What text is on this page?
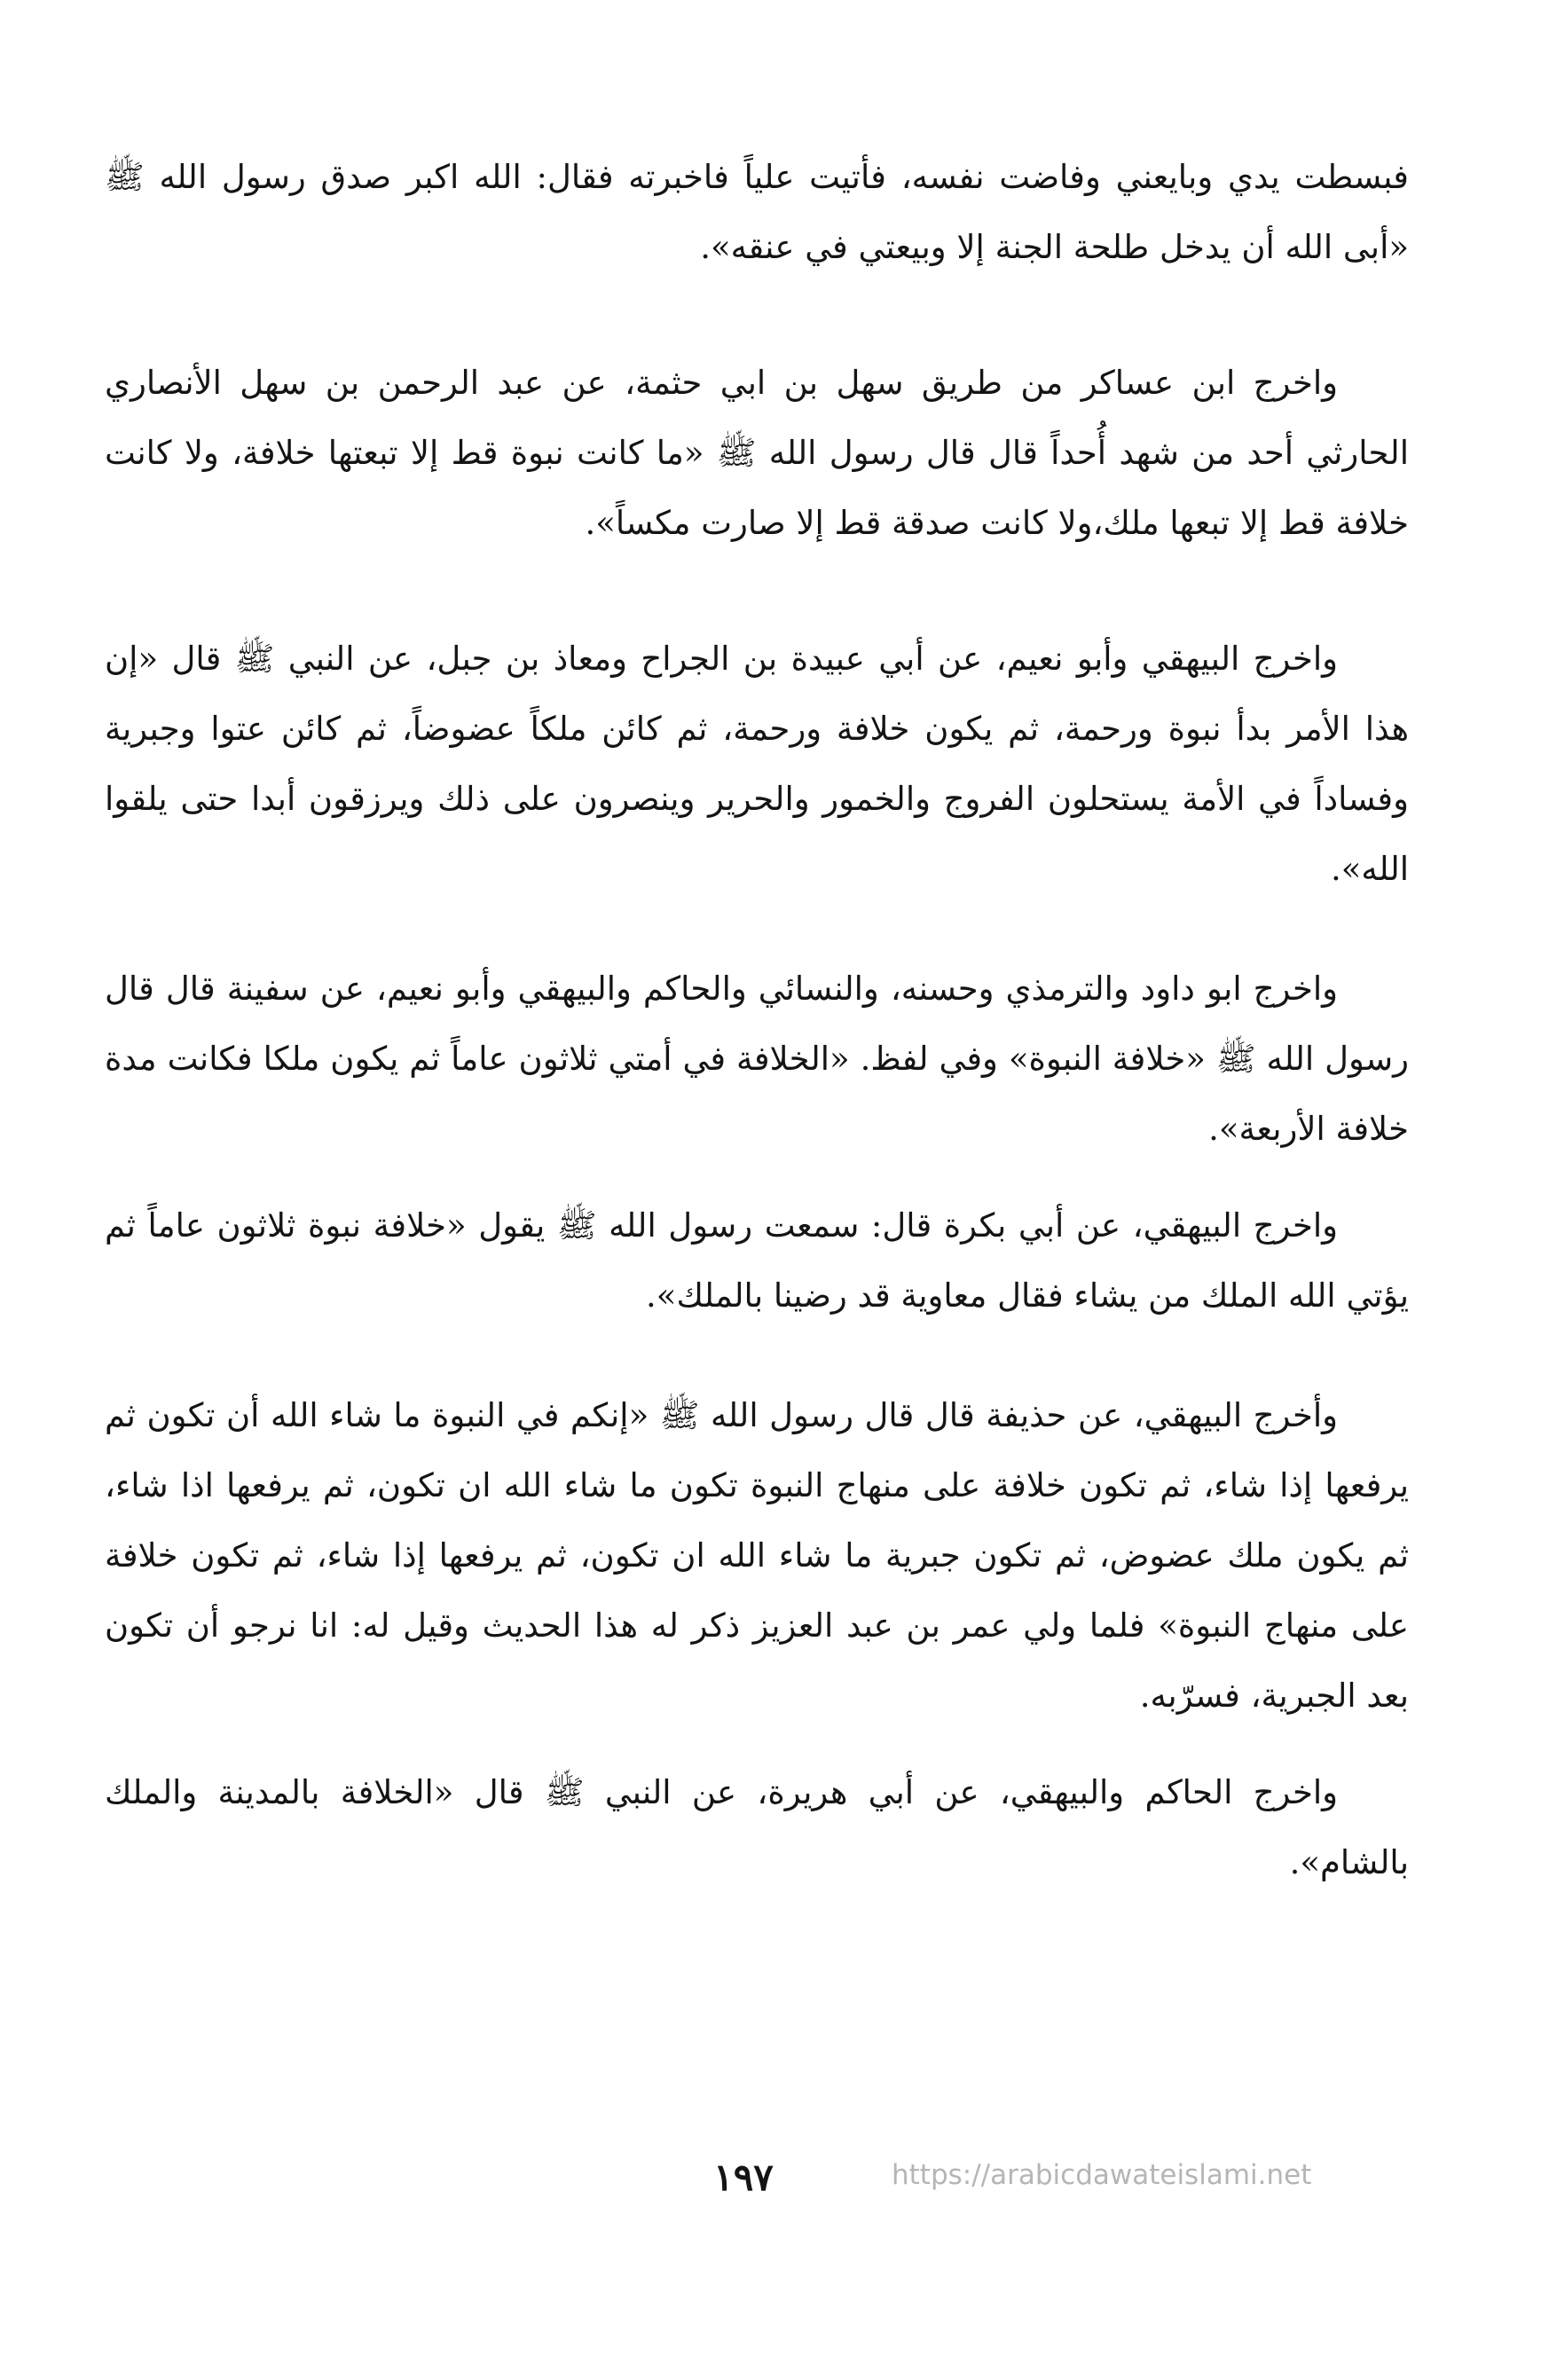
فبسطت يدي وبايعني وفاضت نفسه، فأتيت علياً فاخبرته فقال: الله اكبر صدق رسول الله ﷺ «أبى الله أن يدخل طلحة الجنة إلا وبيعتي في عنقه».

واخرج ابن عساكر من طريق سهل بن ابي حثمة، عن عبد الرحمن بن سهل الأنصاري الحارثي أحد من شهد أُحداً قال قال رسول الله ﷺ «ما كانت نبوة قط إلا تبعتها خلافة، ولا كانت خلافة قط إلا تبعها ملك،ولا كانت صدقة قط إلا صارت مكساً».

واخرج البيهقي وأبو نعيم، عن أبي عبيدة بن الجراح ومعاذ بن جبل، عن النبي ﷺ قال «إن هذا الأمر بدأ نبوة ورحمة، ثم يكون خلافة ورحمة، ثم كائن ملكاً عضوضاً، ثم كائن عتوا وجبرية وفساداً في الأمة يستحلون الفروج والخمور والحرير وينصرون على ذلك ويرزقون أبدا حتى يلقوا الله».

واخرج ابو داود والترمذي وحسنه، والنسائي والحاكم والبيهقي وأبو نعيم، عن سفينة قال قال رسول الله ﷺ «خلافة النبوة» وفي لفظ. «الخلافة في أمتي ثلاثون عاماً ثم يكون ملكا فكانت مدة خلافة الأربعة».

واخرج البيهقي، عن أبي بكرة قال: سمعت رسول الله ﷺ يقول «خلافة نبوة ثلاثون عاماً ثم يؤتي الله الملك من يشاء فقال معاوية قد رضينا بالملك».

وأخرج البيهقي، عن حذيفة قال قال رسول الله ﷺ «إنكم في النبوة ما شاء الله أن تكون ثم يرفعها إذا شاء، ثم تكون خلافة على منهاج النبوة تكون ما شاء الله ان تكون، ثم يرفعها اذا شاء، ثم يكون ملك عضوض، ثم تكون جبرية ما شاء الله ان تكون، ثم يرفعها إذا شاء، ثم تكون خلافة على منهاج النبوة» فلما ولي عمر بن عبد العزيز ذكر له هذا الحديث وقيل له: انا نرجو أن تكون بعد الجبرية، فسرّبه.

واخرج الحاكم والبيهقي، عن أبي هريرة، عن النبي ﷺ قال «الخلافة بالمدينة والملك بالشام».

١٩٧	https://arabicdawateislami.net
